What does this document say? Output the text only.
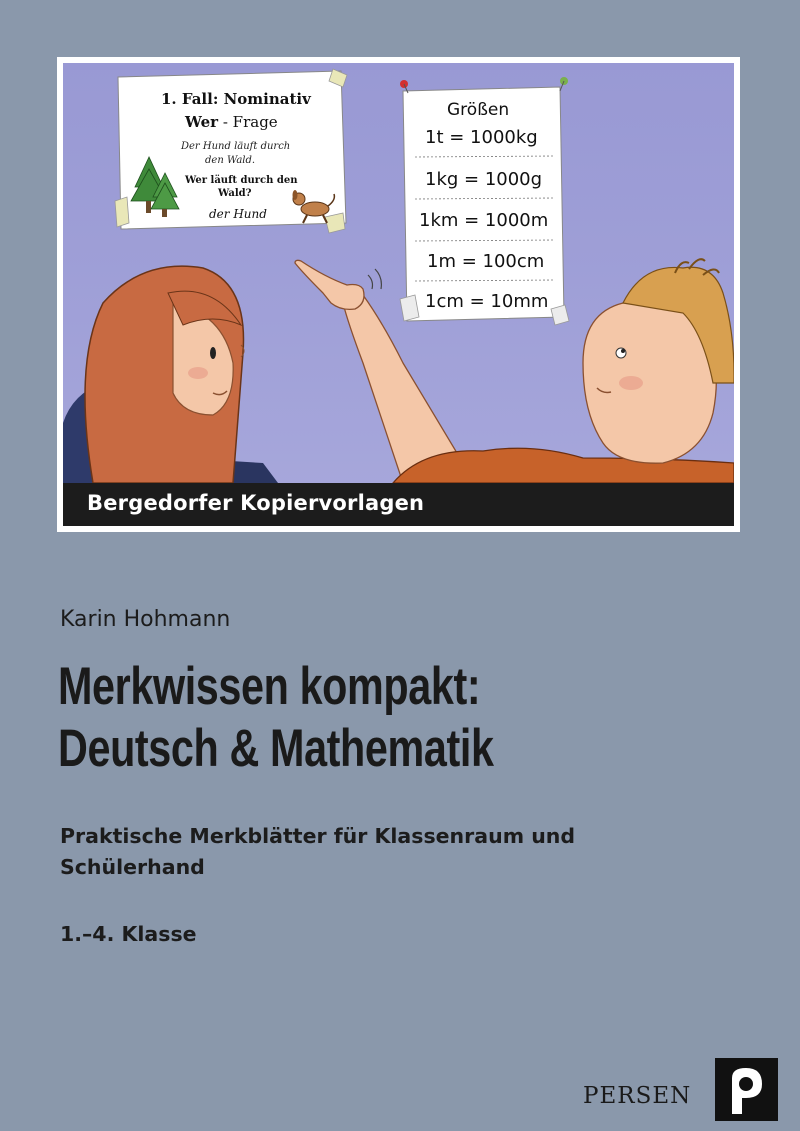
1. Fall: Nominativ
Wer - Frage
Der Hund läuft durch
den Wald.
Wer läuft durch den
Wald?
der Hund
Größen
1t = 1000kg
1kg = 1000g
1km = 1000m
1m = 100cm
1cm = 10mm
Bergedorfer Kopiervorlagen
Karin Hohmann
Merkwissen kompakt:
Deutsch & Mathematik
Praktische Merkblätter für Klassenraum und Schülerhand
1.–4. Klasse
PERSEN
